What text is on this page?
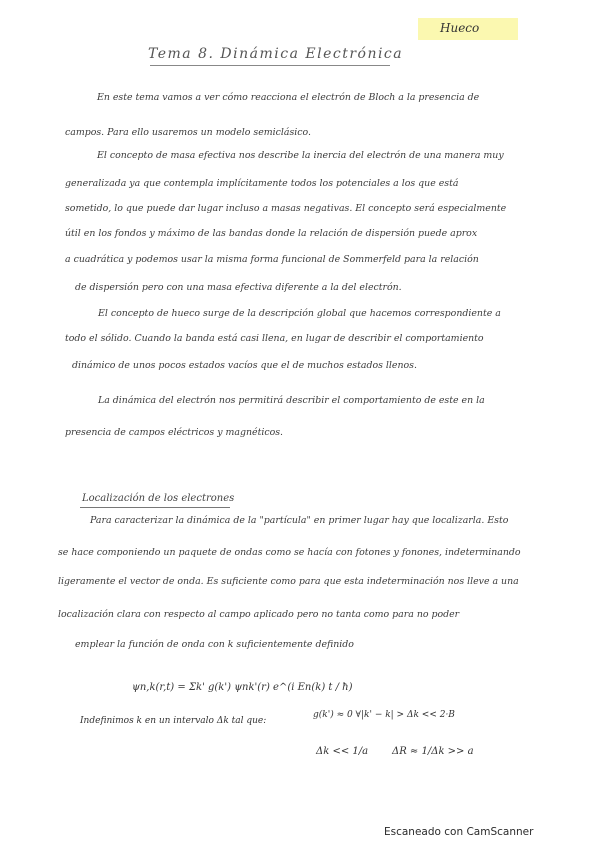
Hueco
Tema 8. Dinámica Electrónica
En este tema vamos a ver cómo reacciona el electrón de Bloch a la presencia de
campos. Para ello usaremos un modelo semiclásico.
El concepto de masa efectiva nos describe la inercia del electrón de una manera muy
generalizada ya que contempla implícitamente todos los potenciales a los que está
sometido, lo que puede dar lugar incluso a masas negativas. El concepto será especialmente
útil en los fondos y máximo de las bandas donde la relación de dispersión puede aprox
a cuadrática y podemos usar la misma forma funcional de Sommerfeld para la relación
de dispersión pero con una masa efectiva diferente a la del electrón.
El concepto de hueco surge de la descripción global que hacemos correspondiente a
todo el sólido. Cuando la banda está casi llena, en lugar de describir el comportamiento
dinámico de unos pocos estados vacíos que el de muchos estados llenos.
La dinámica del electrón nos permitirá describir el comportamiento de este en la
presencia de campos eléctricos y magnéticos.
Localización de los electrones
Para caracterizar la dinámica de la "partícula" en primer lugar hay que localizarla. Esto
se hace componiendo un paquete de ondas como se hacía con fotones y fonones, indeterminando
ligeramente el vector de onda. Es suficiente como para que esta indeterminación nos lleve a una
localización clara con respecto al campo aplicado pero no tanta como para no poder
emplear la función de onda con k suficientemente definido
ψn,k(r,t) = Σk' g(k') ψnk'(r) e^(i En(k) t / ħ)
Indefinimos k en un intervalo Δk tal que:
g(k') ≈ 0 ∀|k' − k| > Δk << 2·B
Δk << 1/a ΔR ≈ 1/Δk >> a
Escaneado con CamScanner
